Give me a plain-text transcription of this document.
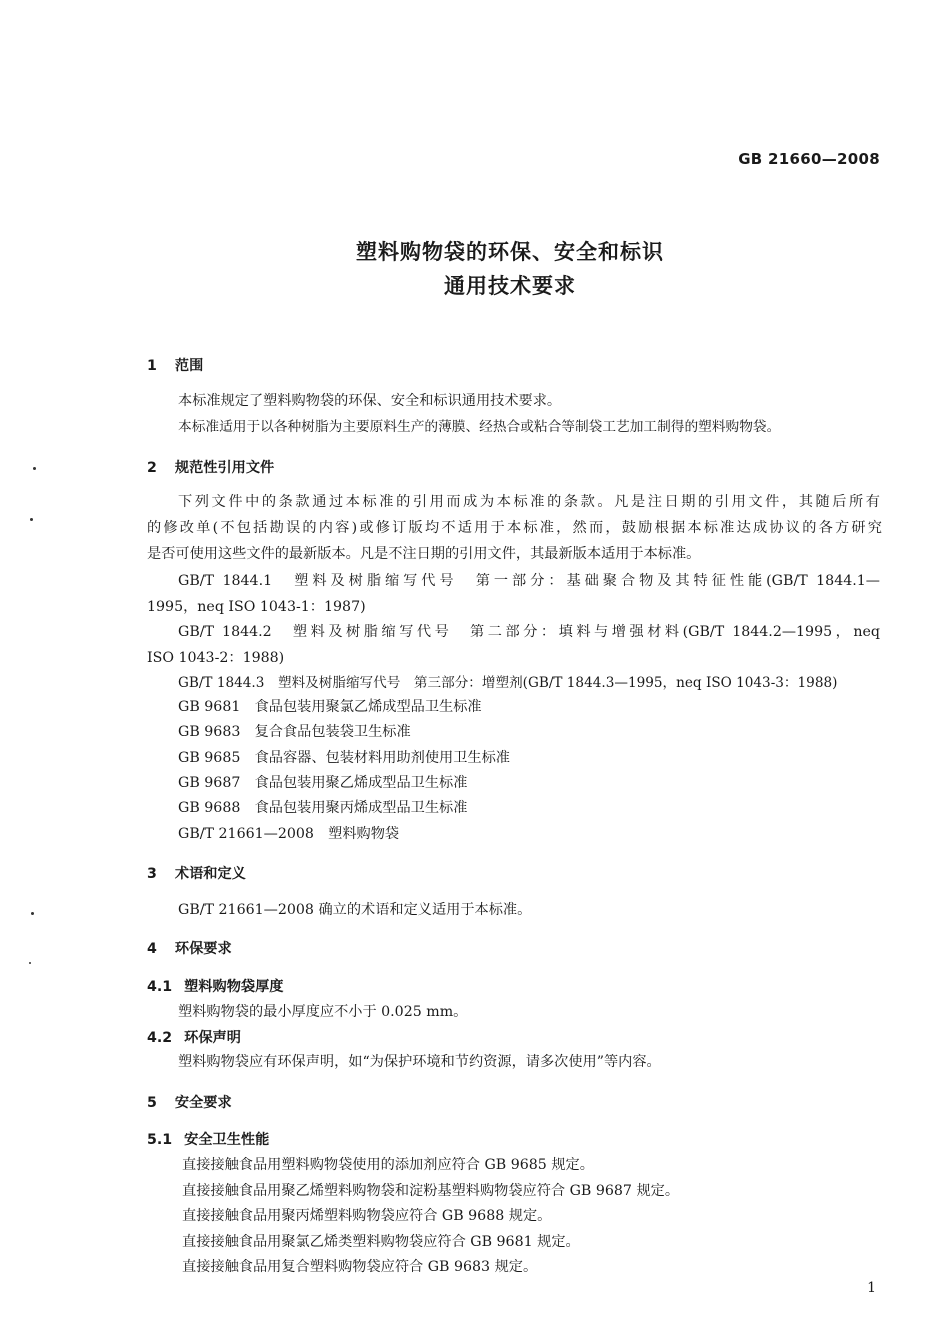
GB 21660—2008
塑料购物袋的环保、安全和标识
通用技术要求
1 范围
本标准规定了塑料购物袋的环保、安全和标识通用技术要求。
本标准适用于以各种树脂为主要原料生产的薄膜、经热合或粘合等制袋工艺加工制得的塑料购物袋。
2 规范性引用文件
下列文件中的条款通过本标准的引用而成为本标准的条款。凡是注日期的引用文件，其随后所有
的修改单(不包括勘误的内容)或修订版均不适用于本标准，然而，鼓励根据本标准达成协议的各方研究
是否可使用这些文件的最新版本。凡是不注日期的引用文件，其最新版本适用于本标准。
GB/T 1844.1　塑料及树脂缩写代号　第一部分：基础聚合物及其特征性能(GB/T 1844.1—
1995，neq ISO 1043-1：1987)
GB/T 1844.2　塑料及树脂缩写代号　第二部分：填料与增强材料(GB/T 1844.2—1995，neq
ISO 1043-2：1988)
GB/T 1844.3　塑料及树脂缩写代号　第三部分：增塑剂(GB/T 1844.3—1995，neq ISO 1043-3：1988)
GB 9681　食品包装用聚氯乙烯成型品卫生标准
GB 9683　复合食品包装袋卫生标准
GB 9685　食品容器、包装材料用助剂使用卫生标准
GB 9687　食品包装用聚乙烯成型品卫生标准
GB 9688　食品包装用聚丙烯成型品卫生标准
GB/T 21661—2008　塑料购物袋
3 术语和定义
GB/T 21661—2008 确立的术语和定义适用于本标准。
4 环保要求
4.1 塑料购物袋厚度
塑料购物袋的最小厚度应不小于 0.025 mm。
4.2 环保声明
塑料购物袋应有环保声明，如“为保护环境和节约资源，请多次使用”等内容。
5 安全要求
5.1 安全卫生性能
直接接触食品用塑料购物袋使用的添加剂应符合 GB 9685 规定。
直接接触食品用聚乙烯塑料购物袋和淀粉基塑料购物袋应符合 GB 9687 规定。
直接接触食品用聚丙烯塑料购物袋应符合 GB 9688 规定。
直接接触食品用聚氯乙烯类塑料购物袋应符合 GB 9681 规定。
直接接触食品用复合塑料购物袋应符合 GB 9683 规定。
1
